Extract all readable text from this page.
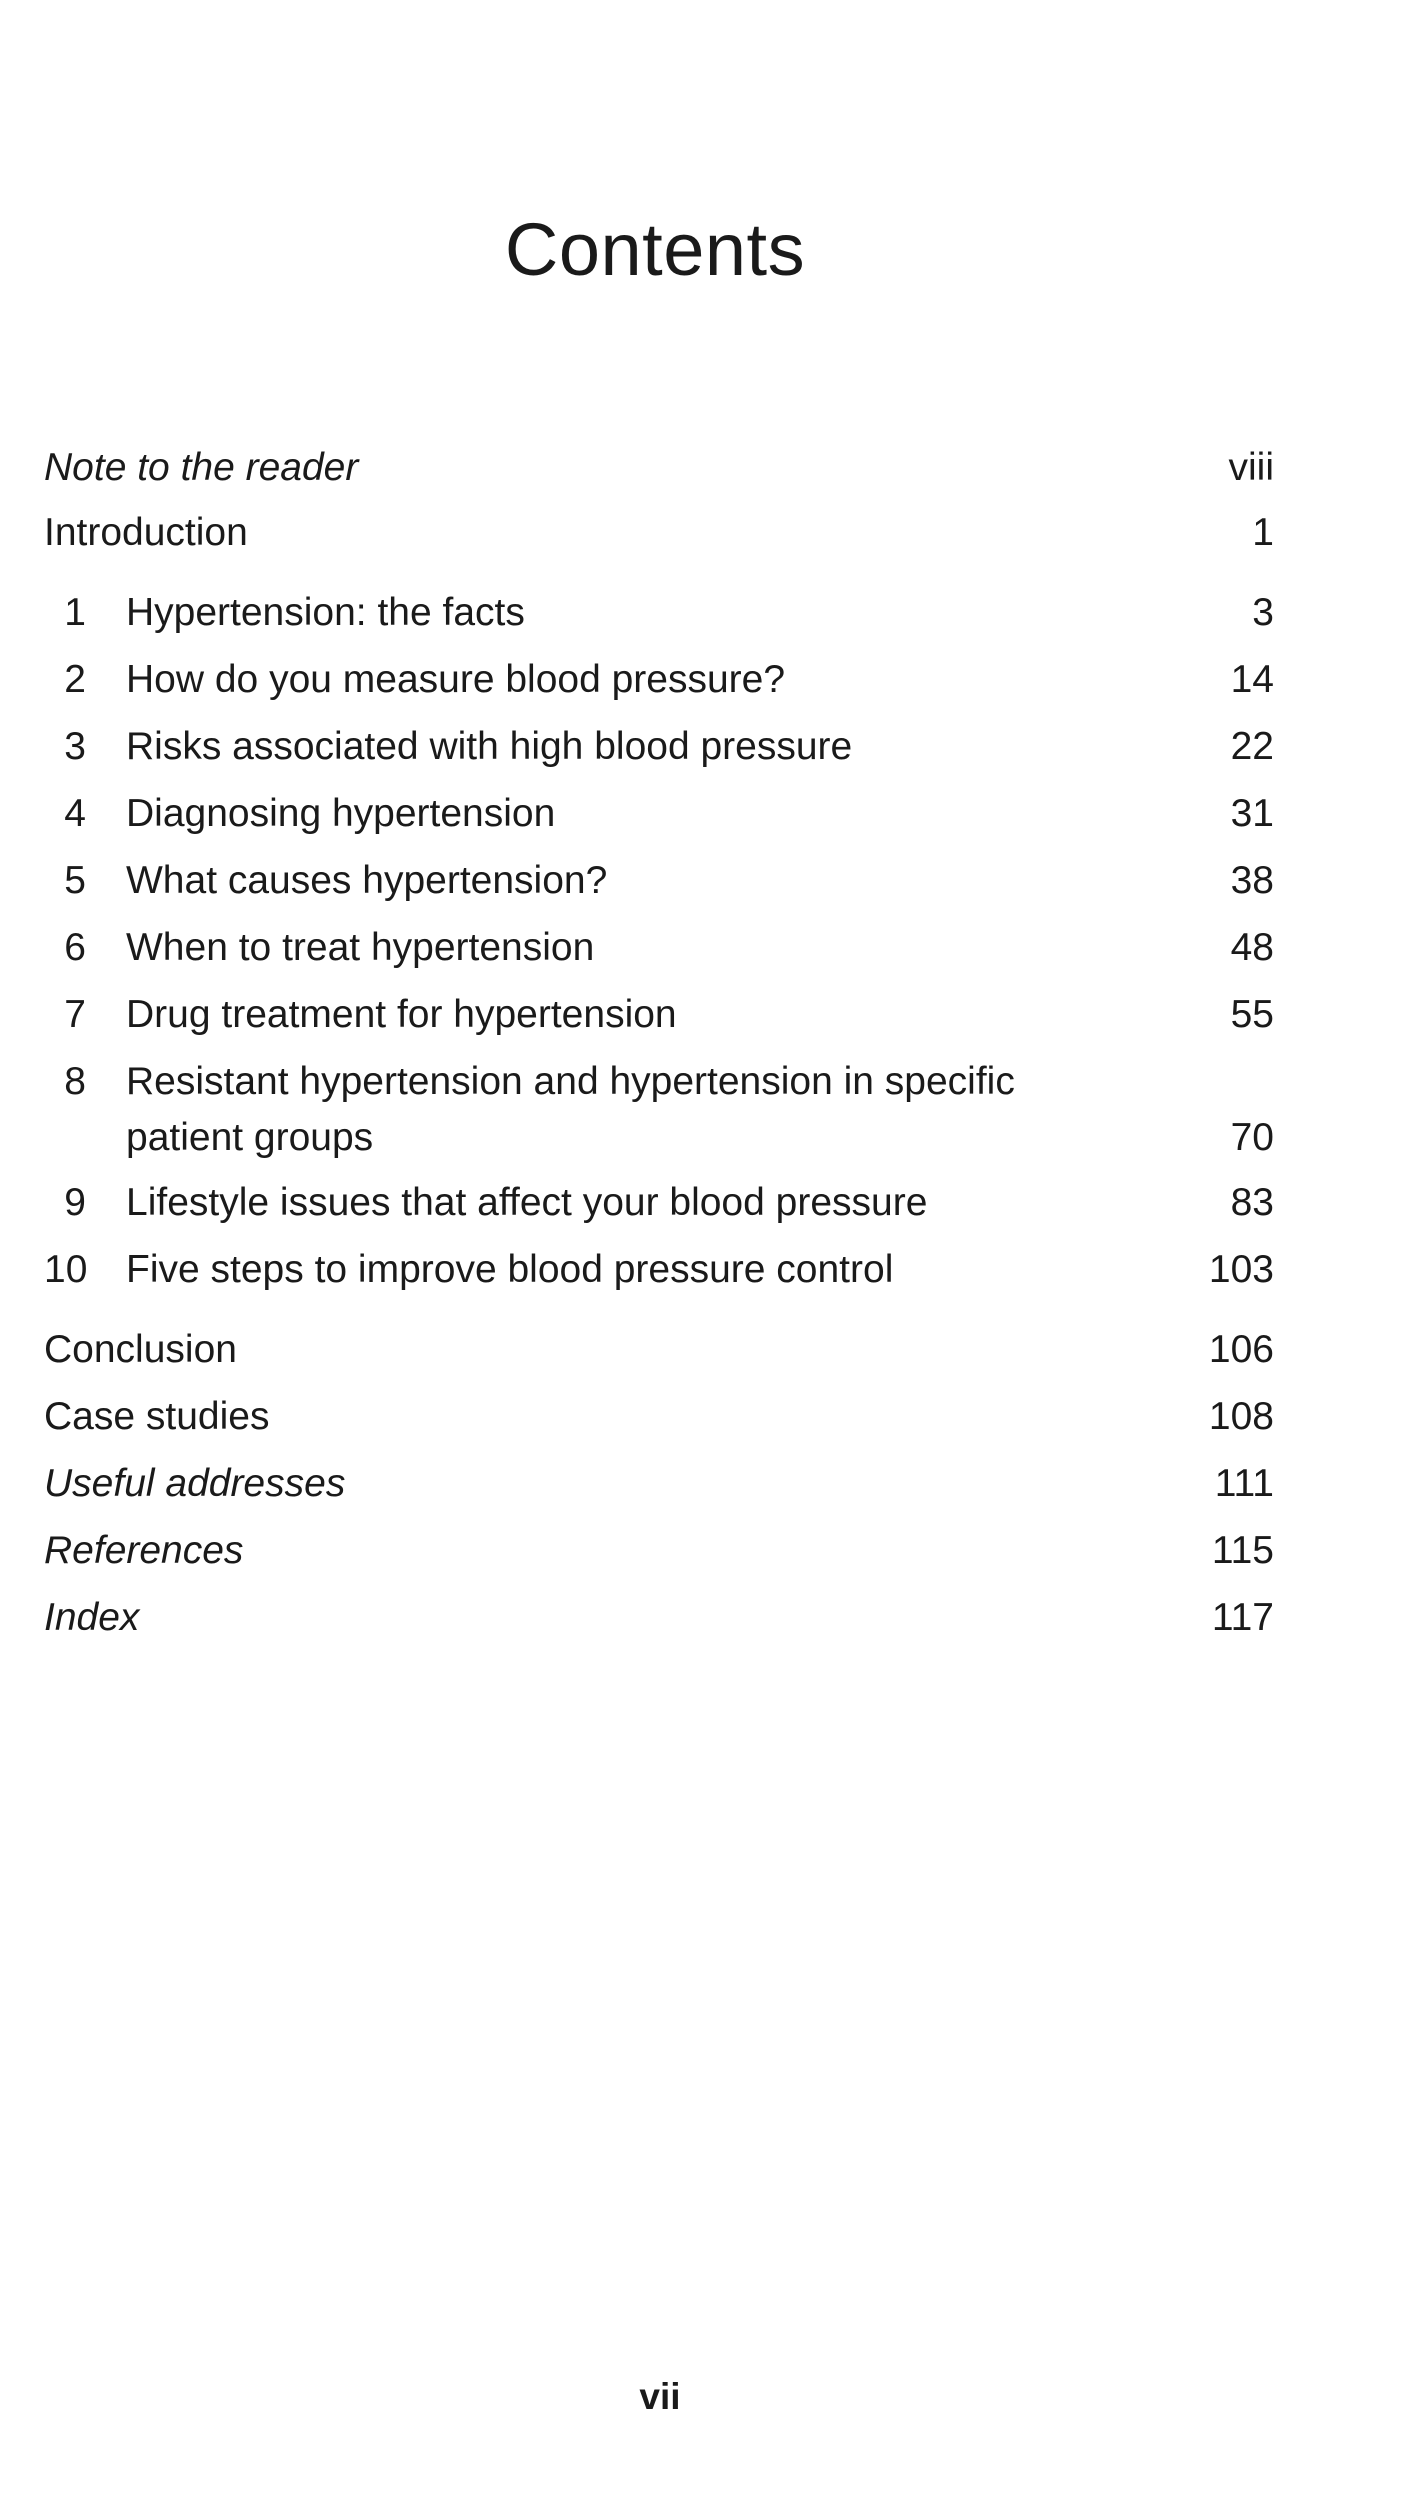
Contents
Note to the reader	viii
Introduction	1
1 Hypertension: the facts	3
2 How do you measure blood pressure?	14
3 Risks associated with high blood pressure	22
4 Diagnosing hypertension	31
5 What causes hypertension?	38
6 When to treat hypertension	48
7 Drug treatment for hypertension	55
8 Resistant hypertension and hypertension in specific
patient groups	70
9 Lifestyle issues that affect your blood pressure	83
10 Five steps to improve blood pressure control	103
Conclusion	106
Case studies	108
Useful addresses	111
References	115
Index	117
vii
